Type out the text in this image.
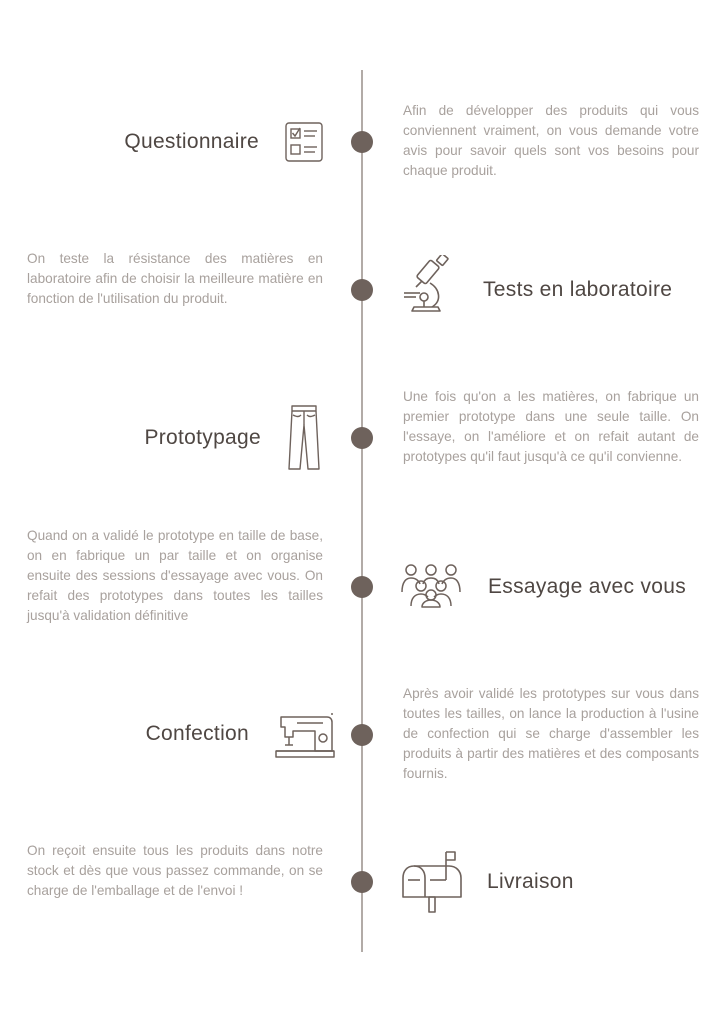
Questionnaire
Afin de développer des produits qui vous conviennent vraiment, on vous demande votre avis pour savoir quels sont vos besoins pour chaque produit.
On teste la résistance des matières en laboratoire afin de choisir la meilleure matière en fonction de l'utilisation du produit.	Tests en laboratoire
Prototypage
Une fois qu'on a les matières, on fabrique un premier prototype dans une seule taille. On l'essaye, on l'améliore et on refait autant de prototypes qu'il faut jusqu'à ce qu'il convienne.
Quand on a validé le prototype en taille de base, on en fabrique un par taille et on organise ensuite des sessions d'essayage avec vous. On refait des prototypes dans toutes les tailles jusqu'à validation définitive
Essayage avec vous
Confection
Après avoir validé les prototypes sur vous dans toutes les tailles, on lance la production à l'usine de confection qui se charge d'assembler les produits à partir des matières et des composants fournis.
On reçoit ensuite tous les produits dans notre stock et dès que vous passez commande, on se charge de l'emballage et de l'envoi !	Livraison
